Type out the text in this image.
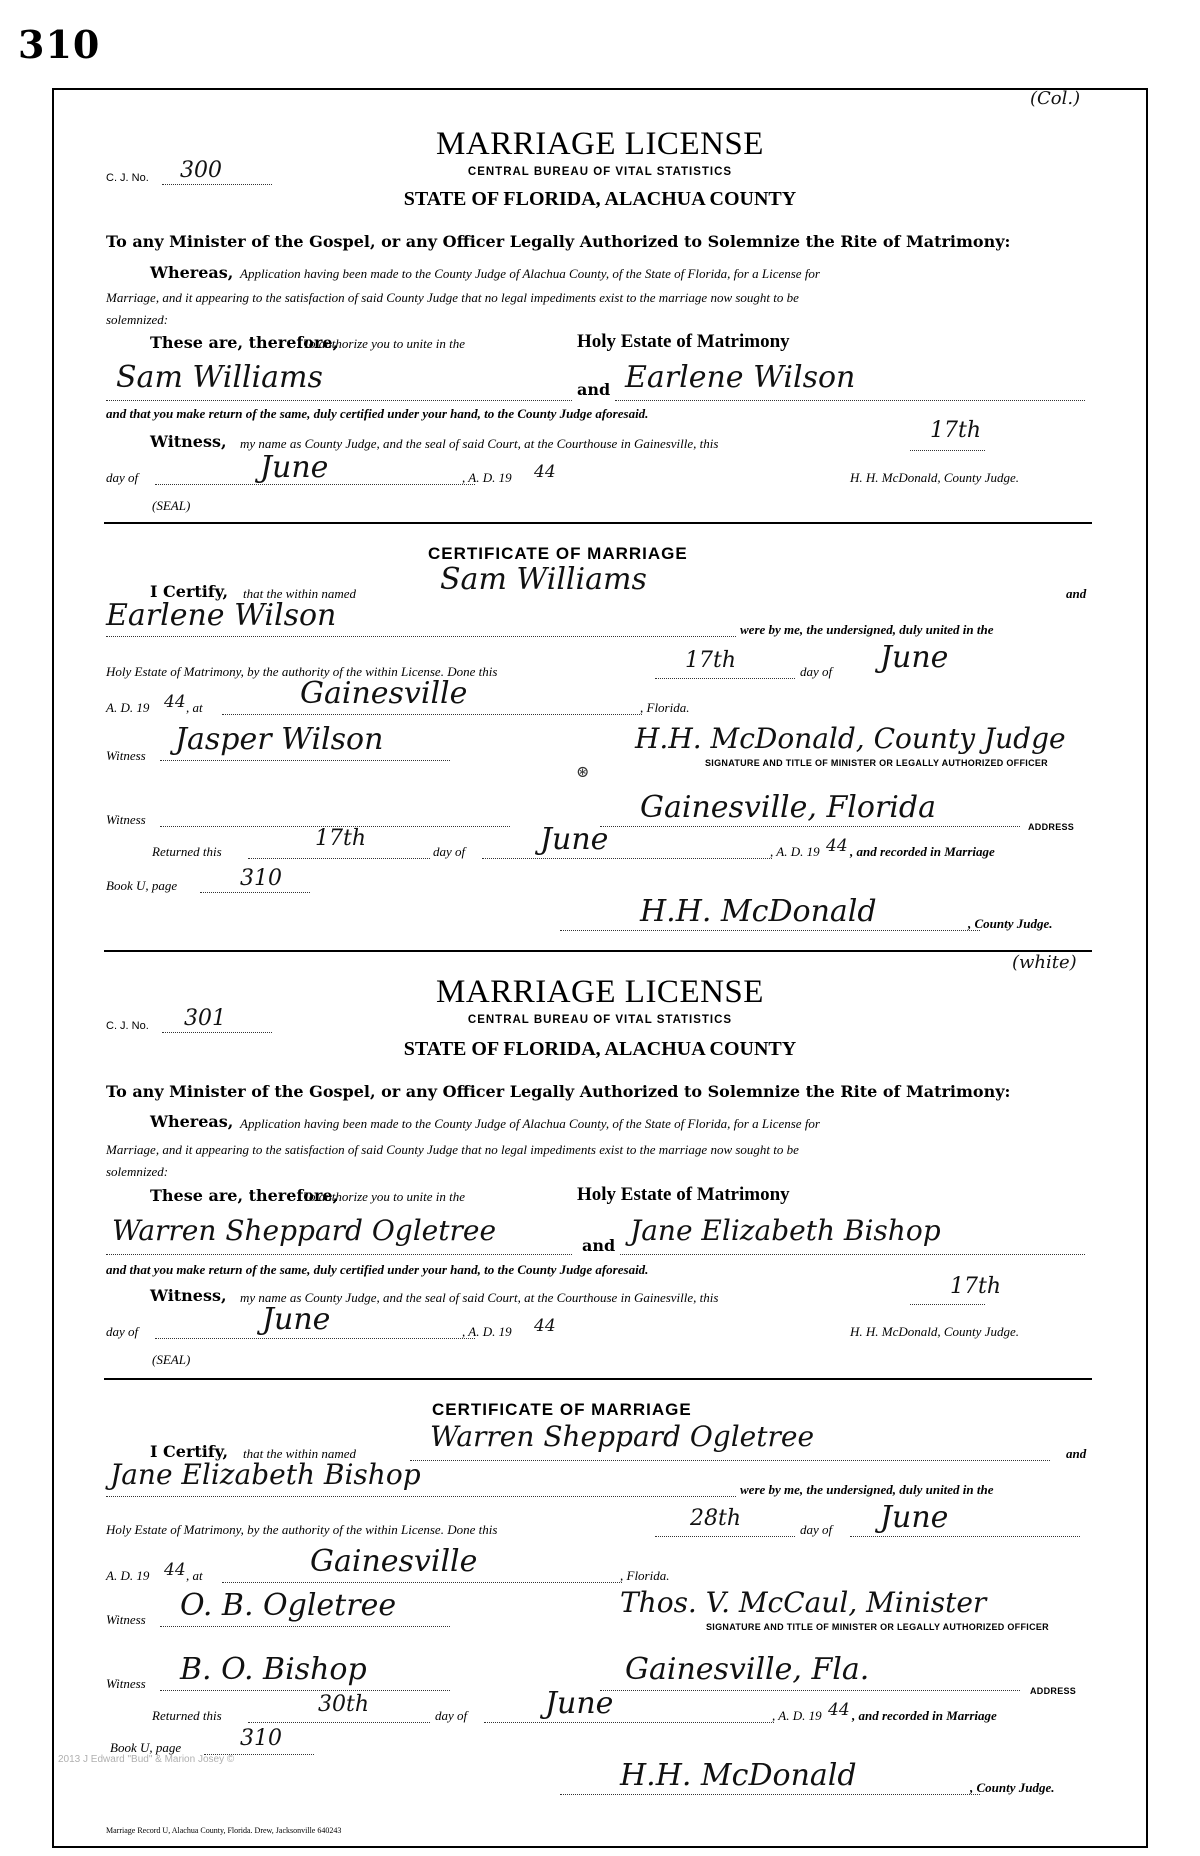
310
(Col.)
MARRIAGE LICENSE
C. J. No. 300	CENTRAL BUREAU OF VITAL STATISTICS
STATE OF FLORIDA, ALACHUA COUNTY
To any Minister of the Gospel, or any Officer Legally Authorized to Solemnize the Rite of Matrimony:
Whereas, Application having been made to the County Judge of Alachua County, of the State of Florida, for a License for
Marriage, and it appearing to the satisfaction of said County Judge that no legal impediments exist to the marriage now sought to be
solemnized:
These are, therefore,
To authorize you to unite in the	Holy Estate of Matrimony
Sam Williams	and Earlene Wilson
and that you make return of the same, duly certified under your hand, to the County Judge aforesaid.
Witness, my name as County Judge, and the seal of said Court, at the Courthouse in Gainesville, this
17th
day of	June	, A. D. 19 44	H. H. McDonald, County Judge.
(SEAL)
CERTIFICATE OF MARRIAGE
I Certify, that the within named	Sam Williams	and
Earlene Wilson	were by me, the undersigned, duly united in the
Holy Estate of Matrimony, by the authority of the within License. Done this	17th	day of June
A. D. 19 44 , at	Gainesville	, Florida.
Witness Jasper Wilson
⊛
H.H. McDonald, County Judge
SIGNATURE AND TITLE OF MINISTER OR LEGALLY AUTHORIZED OFFICER
Witness	Gainesville, Florida
ADDRESS
Returned this
17th
day of June	, A. D. 19 44 , and recorded in Marriage
Book U, page	310
H.H. McDonald	, County Judge.
(white)
MARRIAGE LICENSE
C. J. No. 301	CENTRAL BUREAU OF VITAL STATISTICS
STATE OF FLORIDA, ALACHUA COUNTY
To any Minister of the Gospel, or any Officer Legally Authorized to Solemnize the Rite of Matrimony:
Whereas, Application having been made to the County Judge of Alachua County, of the State of Florida, for a License for
Marriage, and it appearing to the satisfaction of said County Judge that no legal impediments exist to the marriage now sought to be
solemnized:
These are, therefore,
To authorize you to unite in the	Holy Estate of Matrimony
Warren Sheppard Ogletree	and Jane Elizabeth Bishop
and that you make return of the same, duly certified under your hand, to the County Judge aforesaid.
Witness, my name as County Judge, and the seal of said Court, at the Courthouse in Gainesville, this	17th
day of	June	, A. D. 19 44	H. H. McDonald, County Judge.
(SEAL)
CERTIFICATE OF MARRIAGE
I Certify, that the within named
Warren Sheppard Ogletree
and
Jane Elizabeth Bishop	were by me, the undersigned, duly united in the
Holy Estate of Matrimony, by the authority of the within License. Done this	28th	day of June
A. D. 19 44 , at	Gainesville	, Florida.
Witness O. B. Ogletree	Thos. V. McCaul, Minister
SIGNATURE AND TITLE OF MINISTER OR LEGALLY AUTHORIZED OFFICER
Witness B. O. Bishop	Gainesville, Fla.
ADDRESS
Returned this	30th	day of	June	, A. D. 19 44 , and recorded in Marriage
Book U, page	310
H.H. McDonald	, County Judge.
2013 J Edward "Bud" & Marion Josey ©
Marriage Record U, Alachua County, Florida. Drew, Jacksonville 640243
